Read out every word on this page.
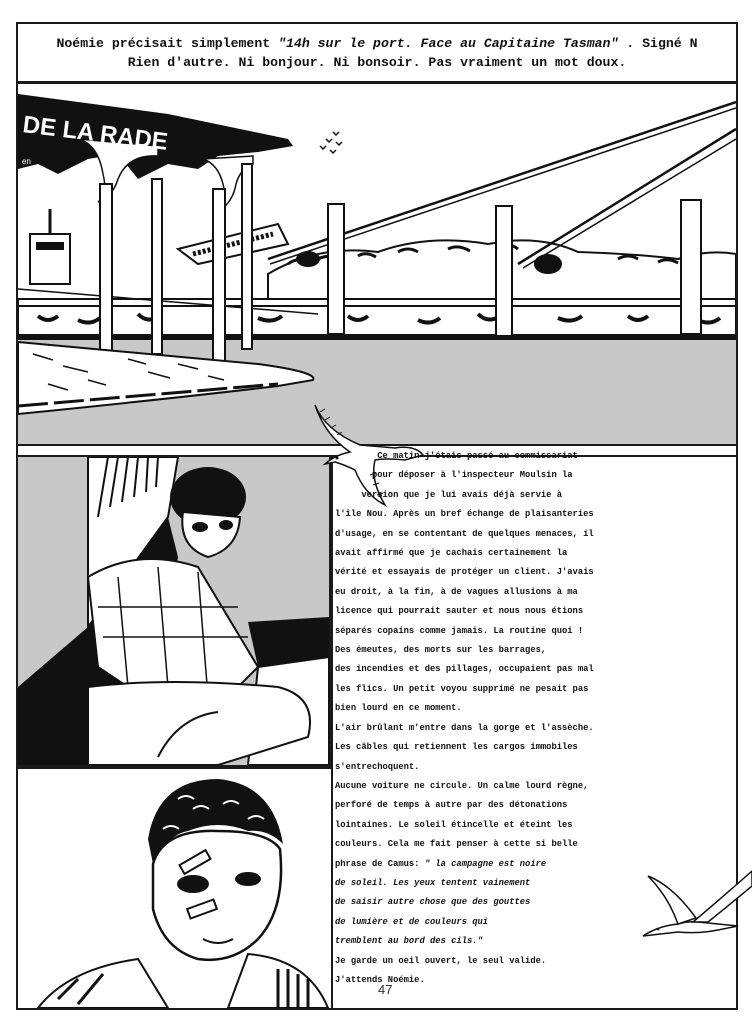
Noémie précisait simplement "14h sur le port. Face au Capitaine Tasman" . Signé N
Rien d'autre. Ni bonjour. Ni bonsoir. Pas vraiment un mot doux.
DE LA RADE
en
Ce matin j'étais passé au commissariat
pour déposer à l'inspecteur Moulsin la
version que je lui avais déjà servie à
l'île Nou. Après un bref échange de plaisanteries
d'usage, en se contentant de quelques menaces, il
avait affirmé que je cachais certainement la
vérité et essayais de protéger un client. J'avais
eu droit, à la fin, à de vagues allusions à ma
licence qui pourrait sauter et nous nous étions
séparés copains comme jamais. La routine quoi !
Des émeutes, des morts sur les barrages,
des incendies et des pillages, occupaient pas mal
les flics. Un petit voyou supprimé ne pesait pas
bien lourd en ce moment.
L'air brûlant m'entre dans la gorge et l'assèche.
Les câbles qui retiennent les cargos immobiles
s'entrechoquent.
Aucune voiture ne circule. Un calme lourd règne,
perforé de temps à autre par des détonations
lointaines. Le soleil étincelle et éteint les
couleurs. Cela me fait penser à cette si belle
phrase de Camus: " la campagne est noire
de soleil. Les yeux tentent vainement
de saisir autre chose que des gouttes
de lumière et de couleurs qui
tremblent au bord des cils."
Je garde un oeil ouvert, le seul valide.
J'attends Noémie.
47
